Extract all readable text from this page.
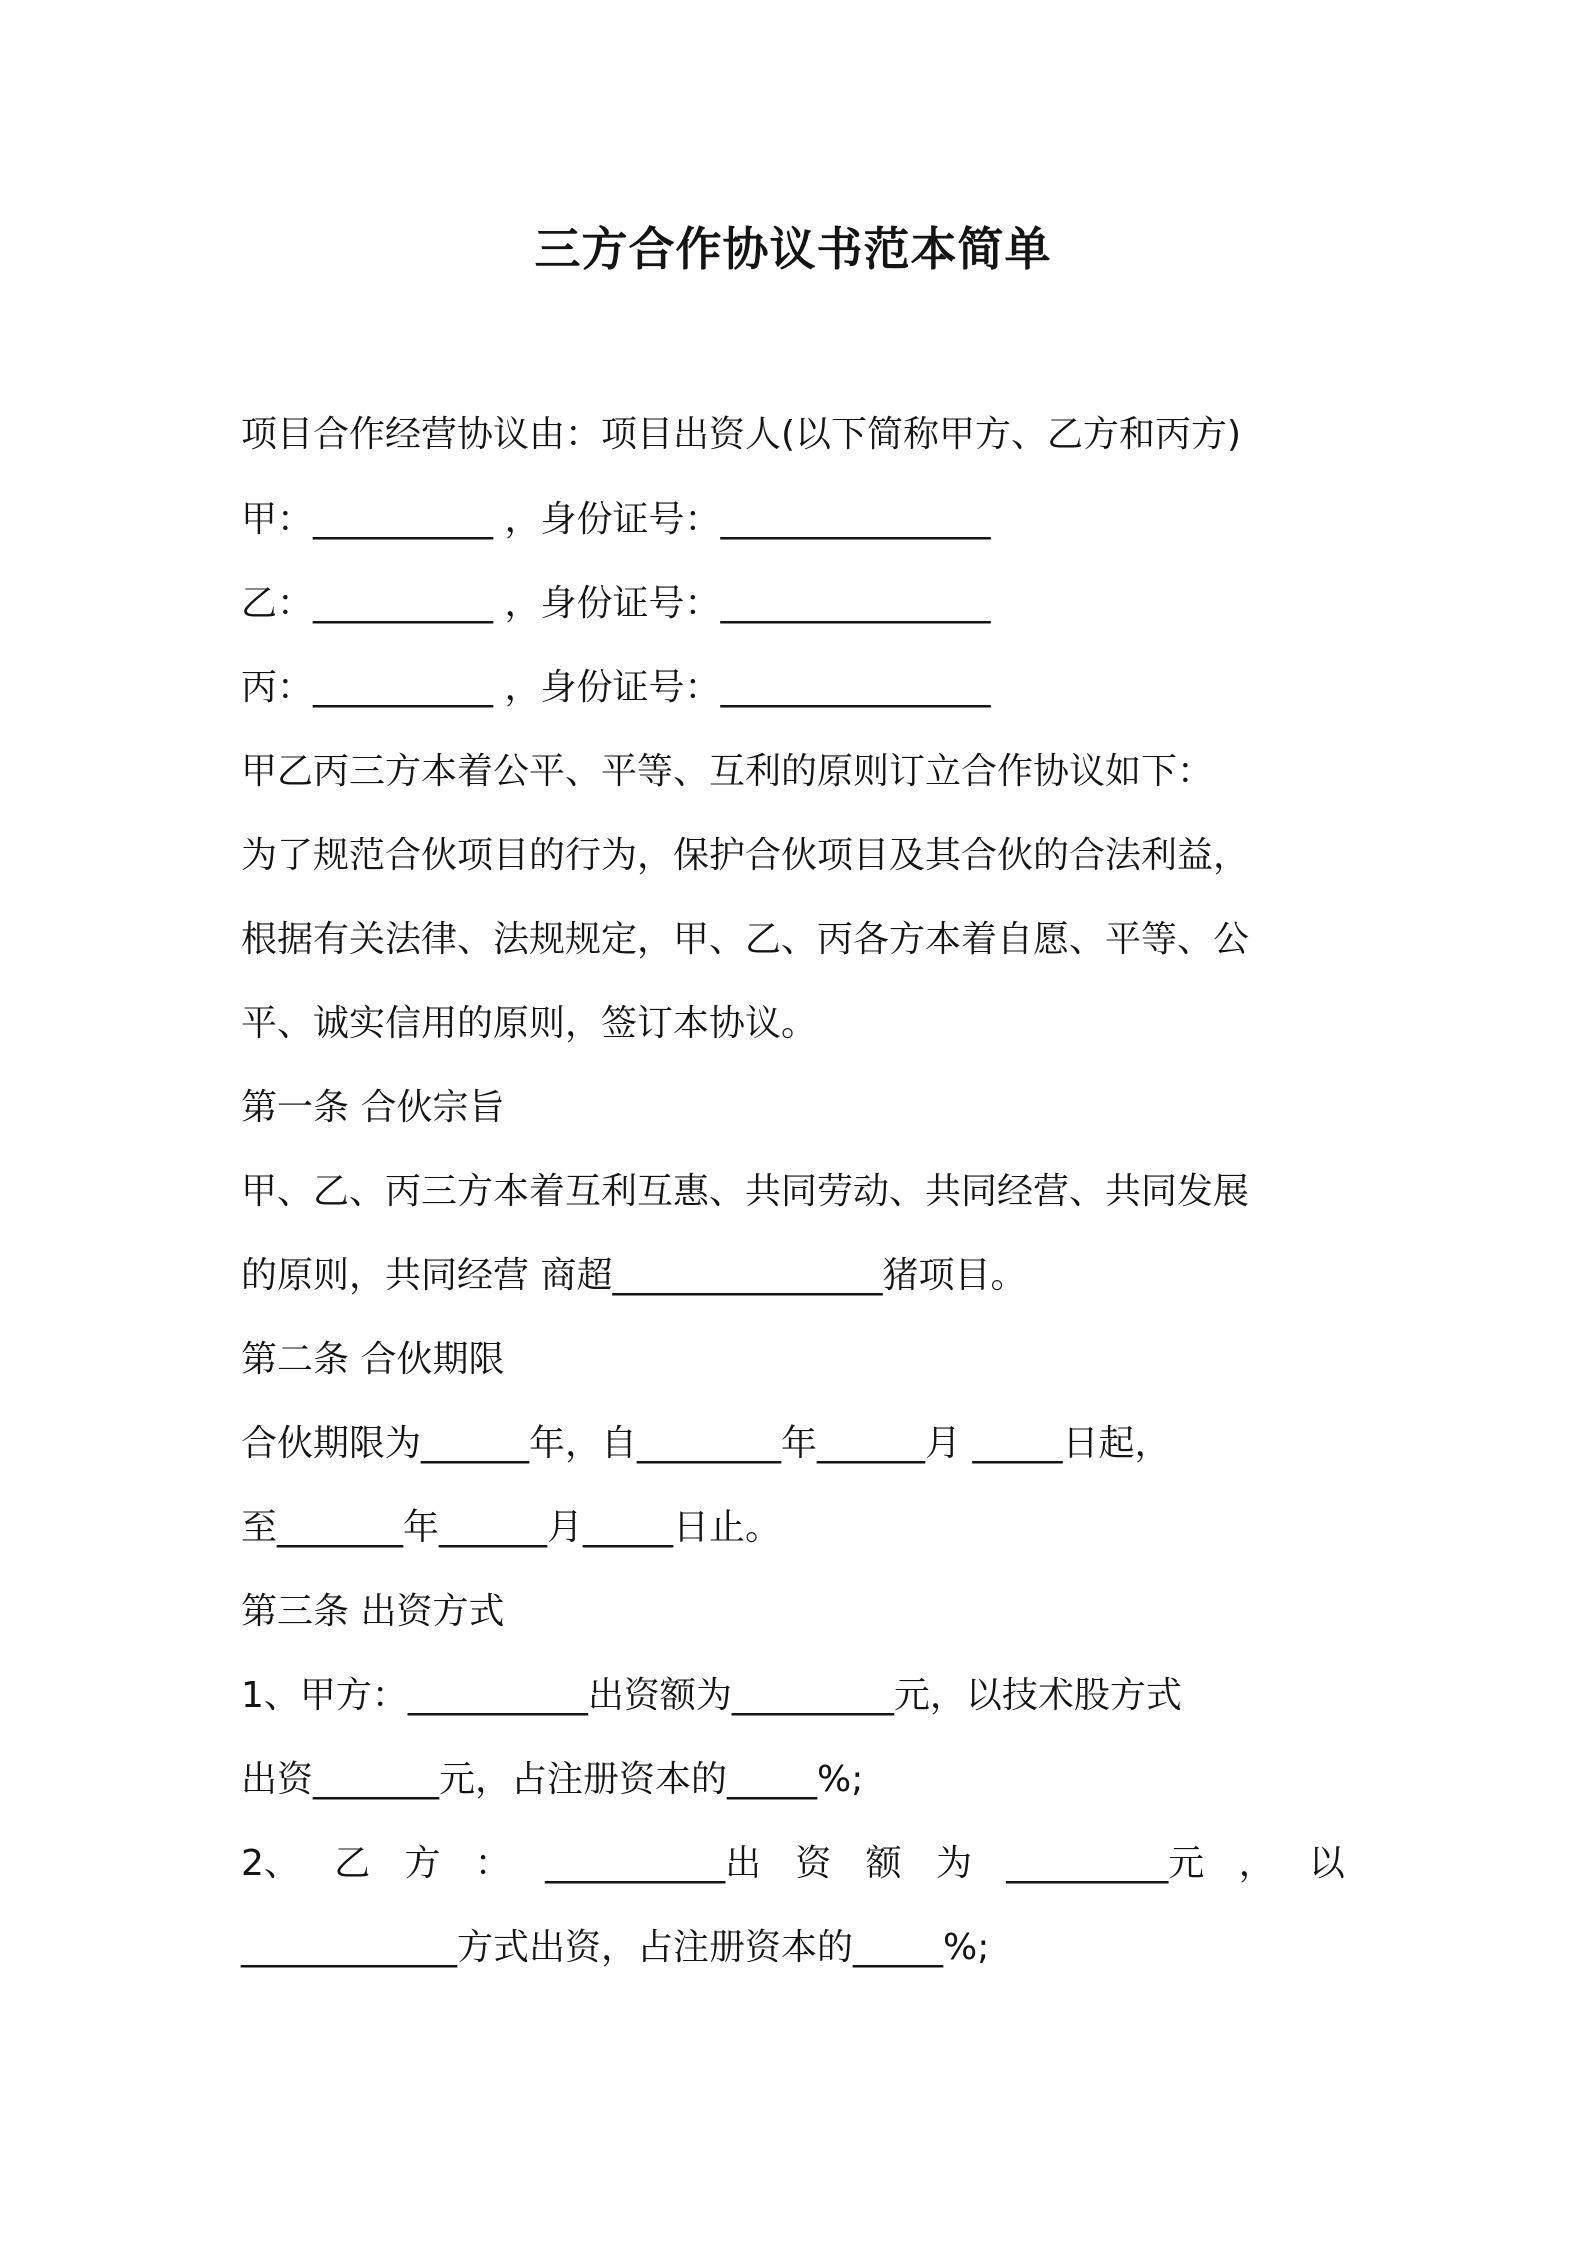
三方合作协议书范本简单
项目合作经营协议由：项目出资人(以下简称甲方、乙方和丙方)
甲：__________ ，身份证号：_______________
乙：__________ ，身份证号：_______________
丙：__________ ，身份证号：_______________
甲乙丙三方本着公平、平等、互利的原则订立合作协议如下：
为了规范合伙项目的行为，保护合伙项目及其合伙的合法利益，
根据有关法律、法规规定，甲、乙、丙各方本着自愿、平等、公
平、诚实信用的原则，签订本协议。
第一条 合伙宗旨
甲、乙、丙三方本着互利互惠、共同劳动、共同经营、共同发展
的原则，共同经营 商超_______________猪项目。
第二条 合伙期限
合伙期限为______年，自________年______月 _____日起，
至_______年______月_____日止。
第三条 出资方式
1、甲方：__________出资额为_________元，以技术股方式
出资_______元，占注册资本的_____%;
2、 乙 方 ： __________出 资 额 为 _________元 ， 以
____________方式出资，占注册资本的_____%;
